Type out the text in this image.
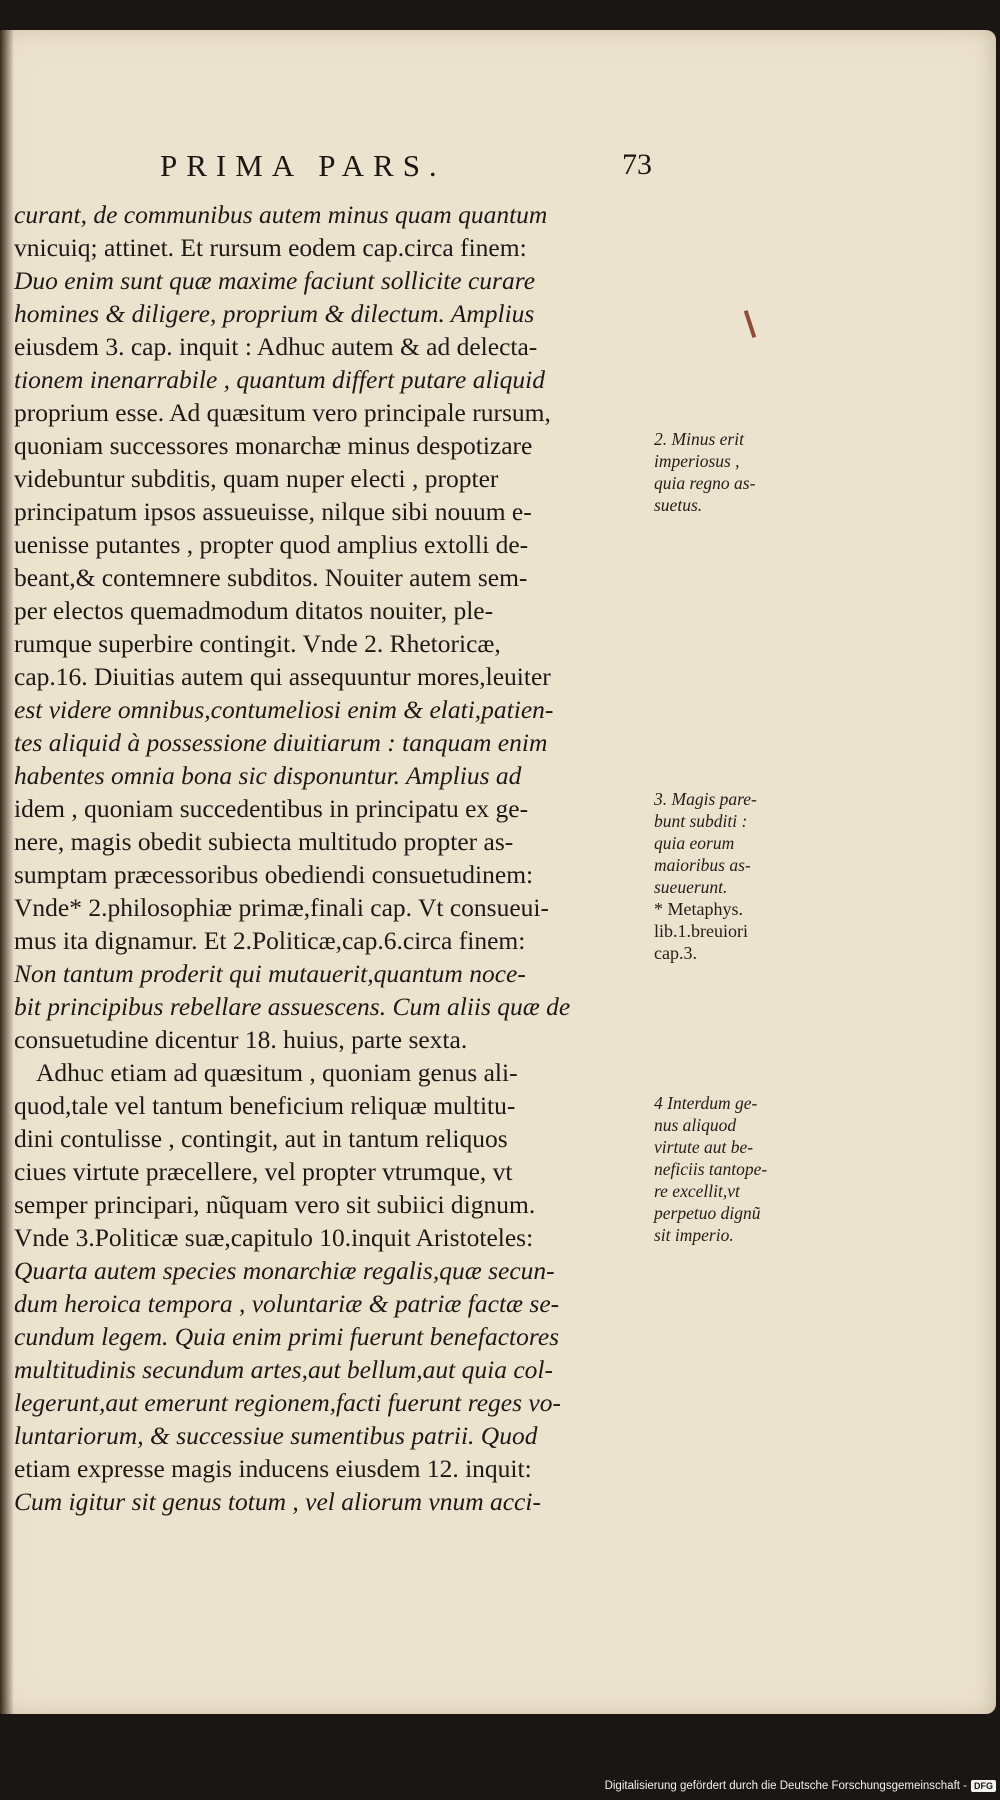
PRIMA PARS.	73
curant, de communibus autem minus quam quantum
vnicuiq; attinet. Et rursum eodem cap.circa finem:
Duo enim sunt quæ maxime faciunt sollicite curare
homines & diligere, proprium & dilectum. Amplius
eiusdem 3. cap. inquit : Adhuc autem & ad delecta-
tionem inenarrabile , quantum differt putare aliquid
proprium esse. Ad quæsitum vero principale rursum,
quoniam successores monarchæ minus despotizare
videbuntur subditis, quam nuper electi , propter
principatum ipsos assueuisse, nilque sibi nouum e-
uenisse putantes , propter quod amplius extolli de-
beant,& contemnere subditos. Nouiter autem sem-
per electos quemadmodum ditatos nouiter, ple-
rumque superbire contingit. Vnde 2. Rhetoricæ,
cap.16. Diuitias autem qui assequuntur mores,leuiter
est videre omnibus,contumeliosi enim & elati,patien-
tes aliquid à possessione diuitiarum : tanquam enim
habentes omnia bona sic disponuntur. Amplius ad
idem , quoniam succedentibus in principatu ex ge-
nere, magis obedit subiecta multitudo propter as-
sumptam præcessoribus obediendi consuetudinem:
Vnde* 2.philosophiæ primæ,finali cap. Vt consueui-
mus ita dignamur. Et 2.Politicæ,cap.6.circa finem:
Non tantum proderit qui mutauerit,quantum noce-
bit principibus rebellare assuescens. Cum aliis quæ de
consuetudine dicentur 18. huius, parte sexta.
Adhuc etiam ad quæsitum , quoniam genus ali-
quod,tale vel tantum beneficium reliquæ multitu-
dini contulisse , contingit, aut in tantum reliquos
ciues virtute præcellere, vel propter vtrumque, vt
semper principari, nũquam vero sit subiici dignum.
Vnde 3.Politicæ suæ,capitulo 10.inquit Aristoteles:
Quarta autem species monarchiæ regalis,quæ secun-
dum heroica tempora , voluntariæ & patriæ factæ se-
cundum legem. Quia enim primi fuerunt benefactores
multitudinis secundum artes,aut bellum,aut quia col-
legerunt,aut emerunt regionem,facti fuerunt reges vo-
luntariorum, & successiue sumentibus patrii. Quod
etiam expresse magis inducens eiusdem 12. inquit:
Cum igitur sit genus totum , vel aliorum vnum acci-
2. Minus erit
imperiosus ,
quia regno as-
suetus.
3. Magis pare-
bunt subditi :
quia eorum
maioribus as-
sueuerunt.
* Metaphys.
lib.1.breuiori
cap.3.
4 Interdum ge-
nus aliquod
virtute aut be-
neficiis tantope-
re excellit,vt
perpetuo dignũ
sit imperio.
Digitalisierung gefördert durch die Deutsche Forschungsgemeinschaft - DFG
